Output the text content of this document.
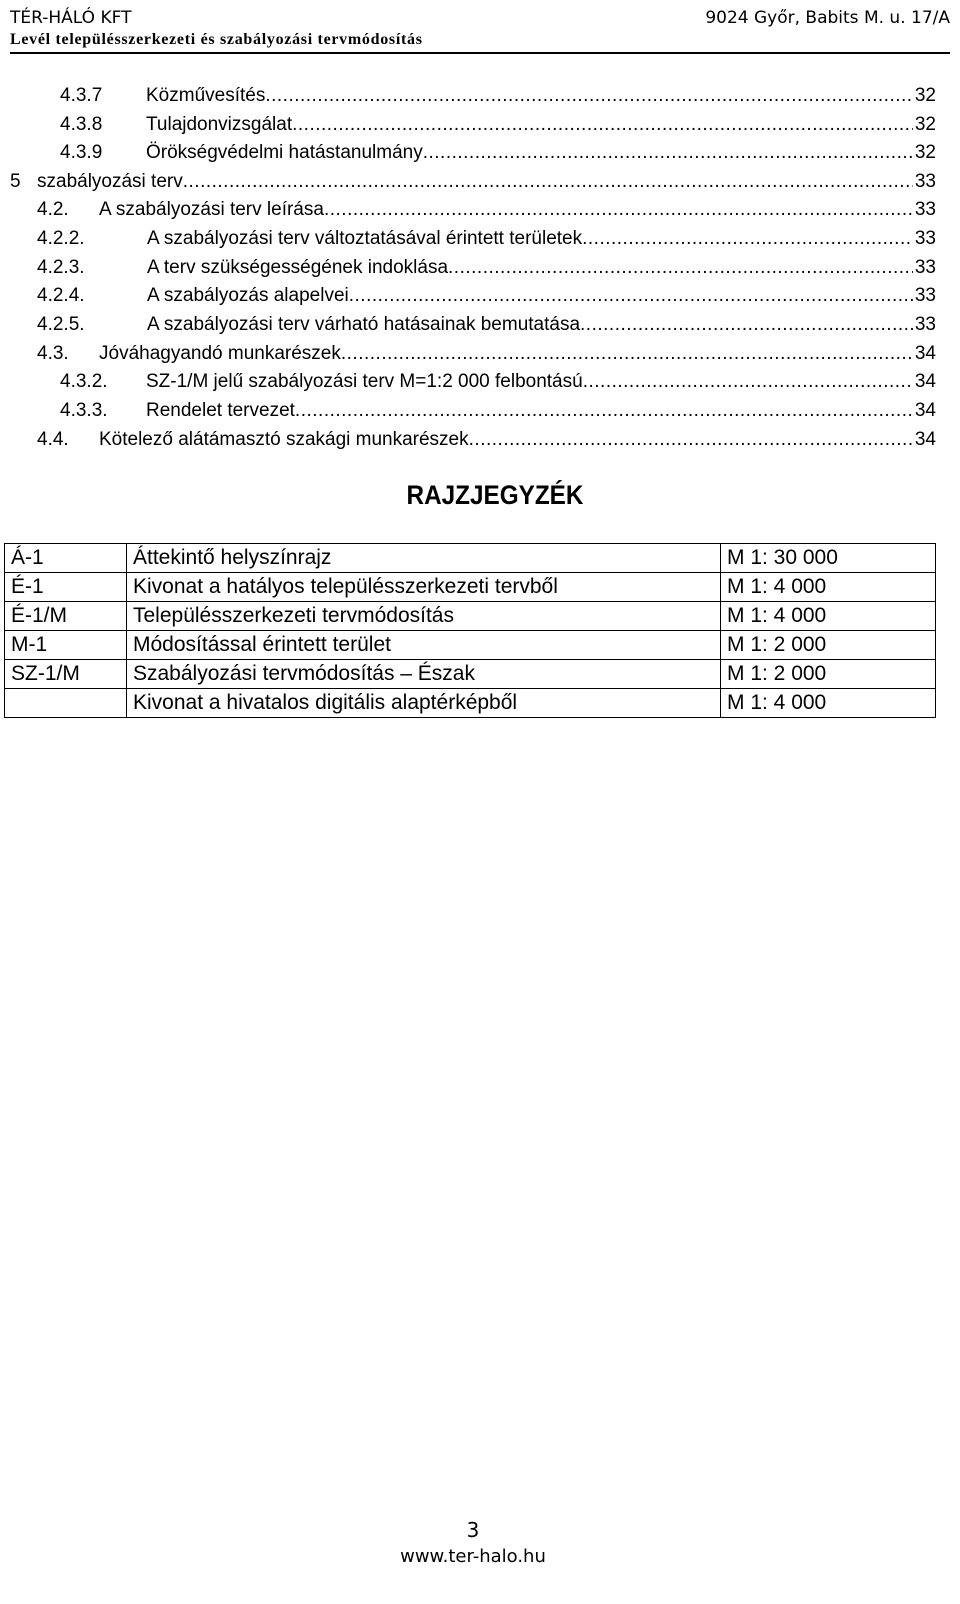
TÉR-HÁLÓ KFT	9024 Győr, Babits M. u. 17/A
Levél településszerkezeti és szabályozási tervmódosítás
4.3.7 Közművesítés .....	32
4.3.8 Tulajdonvizsgálat .....	32
4.3.9 Örökségvédelmi hatástanulmány .....	32
5 szabályozási terv .....	33
4.2. A szabályozási terv leírása .....	33
4.2.2.	A szabályozási terv változtatásával érintett területek .....	33
4.2.3.	A terv szükségességének indoklása .....	33
4.2.4.	A szabályozás alapelvei .....	33
4.2.5.	A szabályozási terv várható hatásainak bemutatása .....	33
4.3. Jóváhagyandó munkarészek .....	34
4.3.2. SZ-1/M jelű szabályozási terv M=1:2 000 felbontású .....	34
4.3.3. Rendelet tervezet .....	34
4.4. Kötelező alátámasztó szakági munkarészek .....	34
RAJZJEGYZÉK
Á-1	Áttekintő helyszínrajz	M 1: 30 000
É-1	Kivonat a hatályos településszerkezeti tervből	M 1: 4 000
É-1/M	Településszerkezeti tervmódosítás	M 1: 4 000
M-1	Módosítással érintett terület	M 1: 2 000
SZ-1/M	Szabályozási tervmódosítás – Észak	M 1: 2 000
	Kivonat a hivatalos digitális alaptérképből	M 1: 4 000
3
www.ter-halo.hu
